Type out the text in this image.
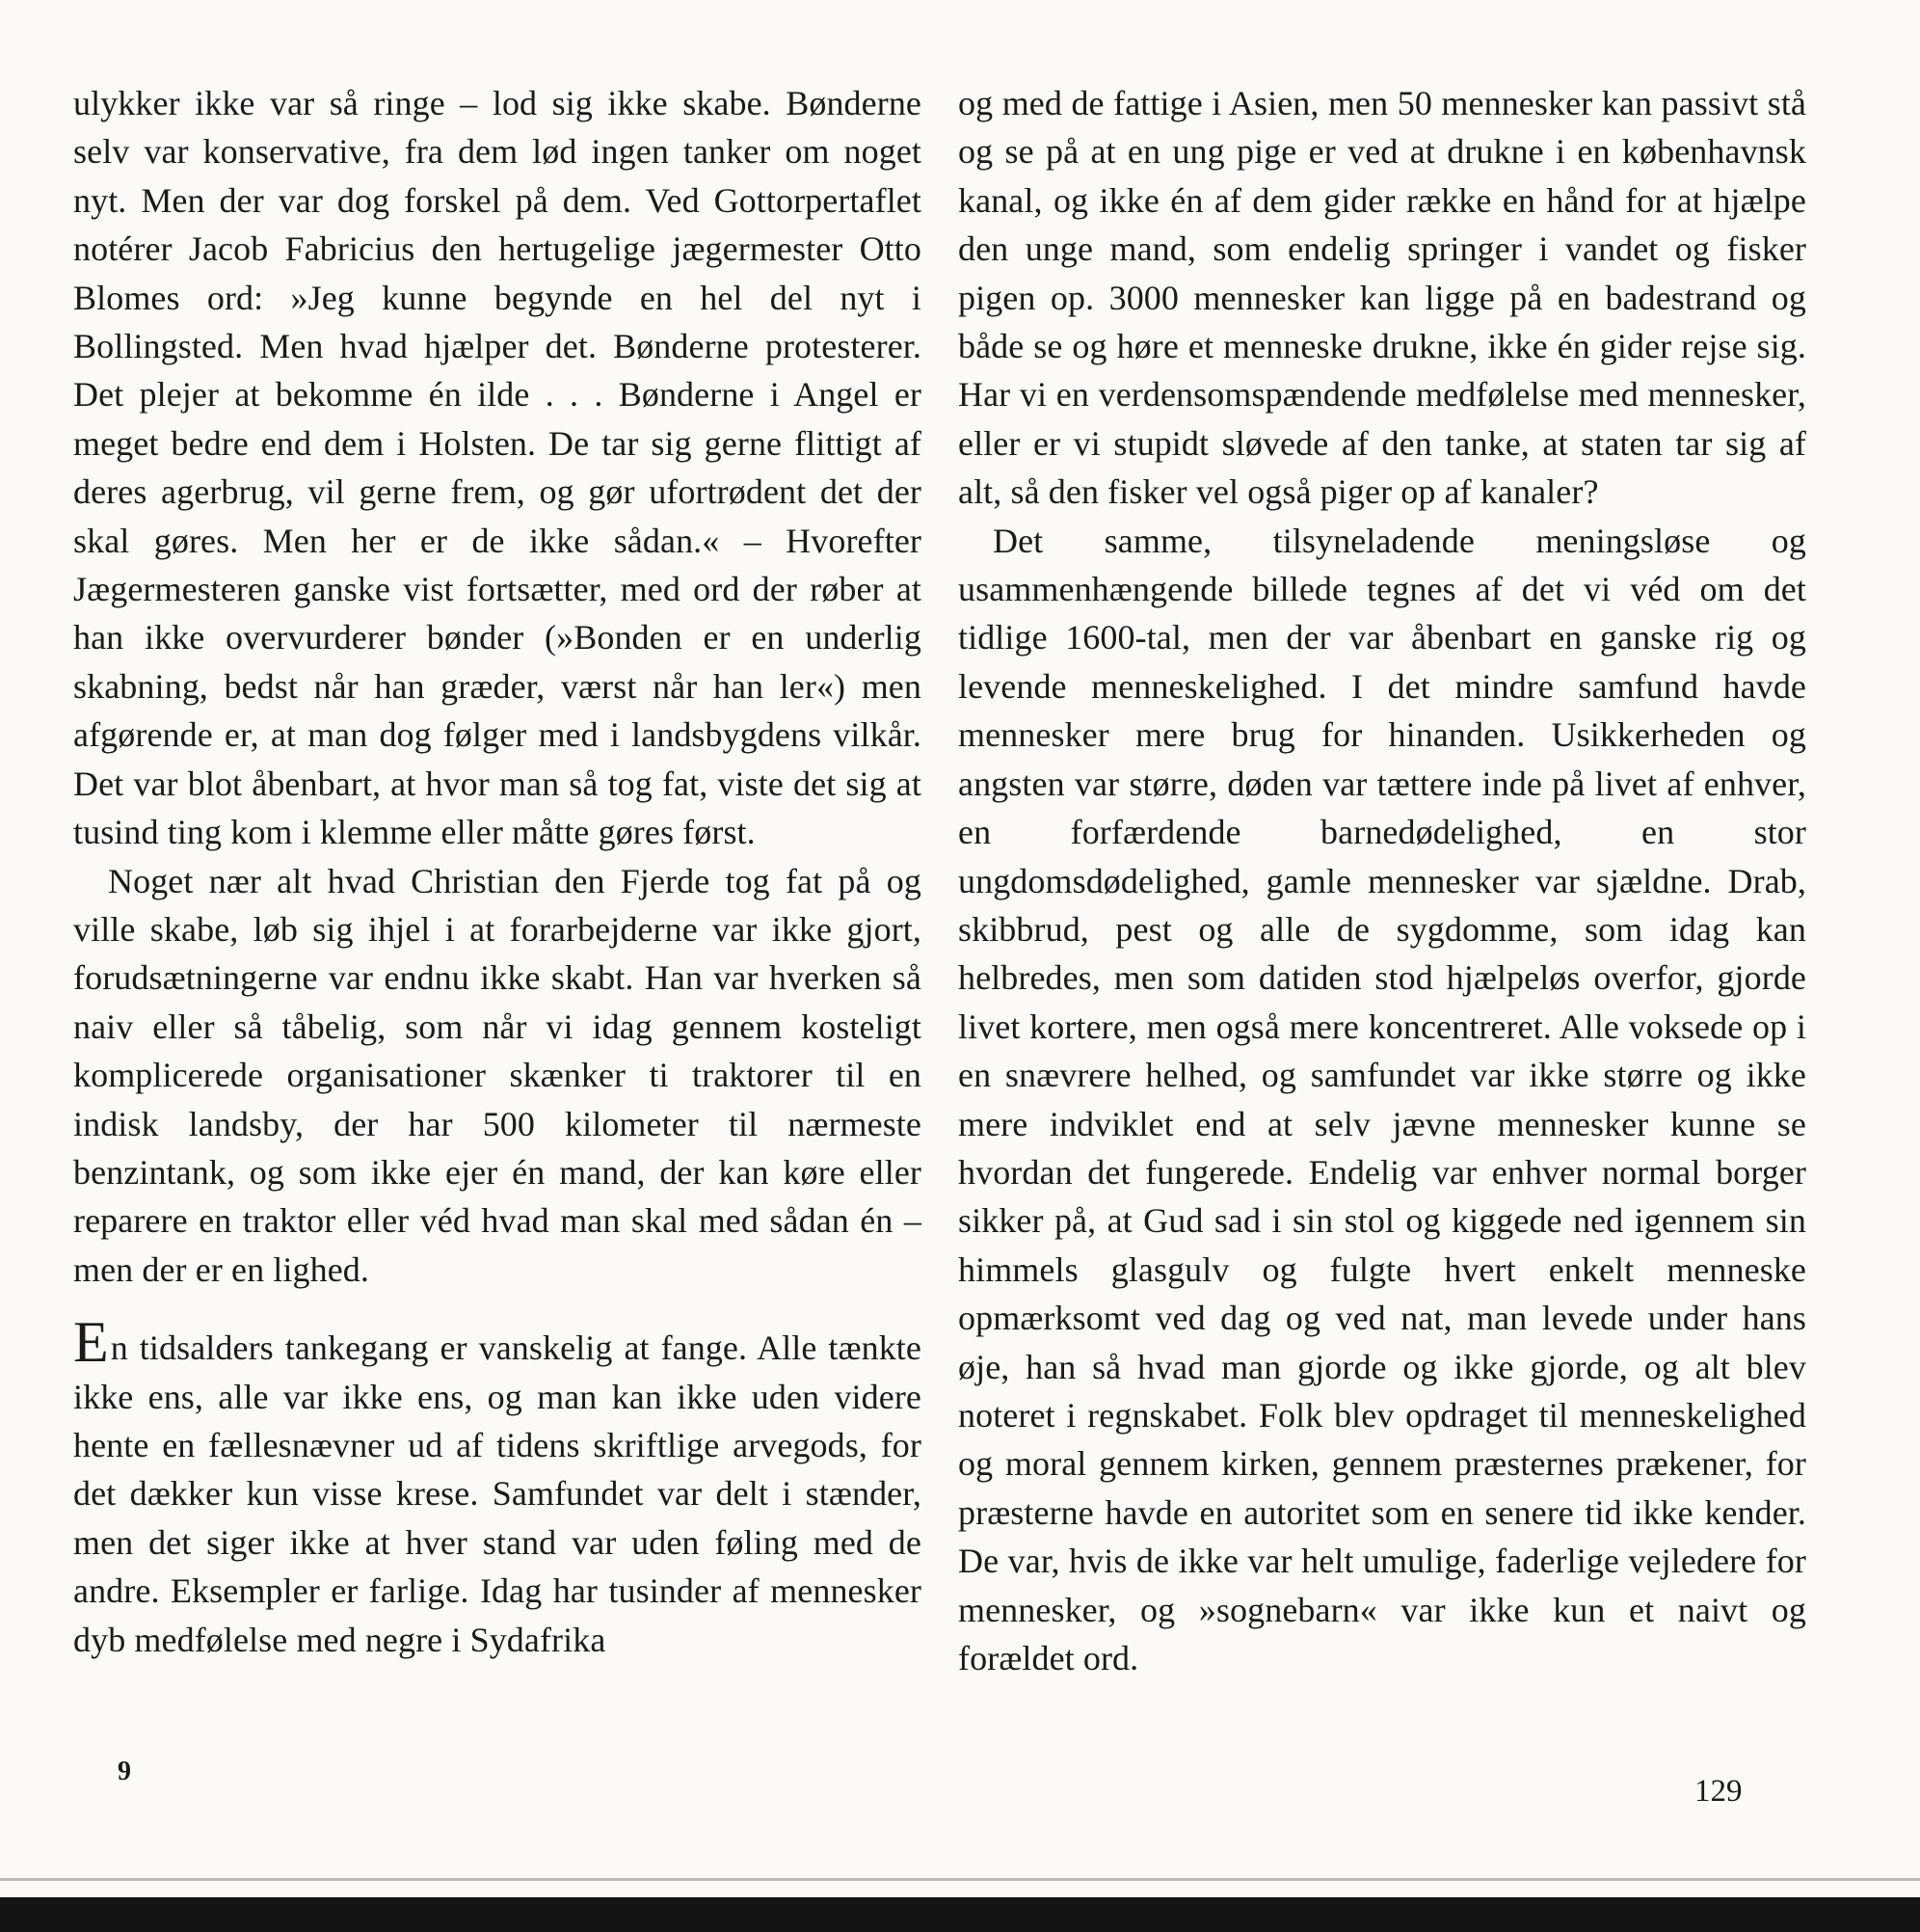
ulykker ikke var så ringe – lod sig ikke skabe. Bønderne selv var konservative, fra dem lød ingen tanker om noget nyt. Men der var dog forskel på dem. Ved Gottorpertaflet notérer Jacob Fabricius den hertugelige jægermester Otto Blomes ord: »Jeg kunne begynde en hel del nyt i Bollingsted. Men hvad hjælper det. Bønderne protesterer. Det plejer at bekomme én ilde . . . Bønderne i Angel er meget bedre end dem i Holsten. De tar sig gerne flittigt af deres agerbrug, vil gerne frem, og gør ufortrødent det der skal gøres. Men her er de ikke sådan.« – Hvorefter Jægermesteren ganske vist fortsætter, med ord der røber at han ikke overvurderer bønder (»Bonden er en underlig skabning, bedst når han græder, værst når han ler«) men afgørende er, at man dog følger med i landsbygdens vilkår. Det var blot åbenbart, at hvor man så tog fat, viste det sig at tusind ting kom i klemme eller måtte gøres først.

Noget nær alt hvad Christian den Fjerde tog fat på og ville skabe, løb sig ihjel i at forarbejderne var ikke gjort, forudsætningerne var endnu ikke skabt. Han var hverken så naiv eller så tåbelig, som når vi idag gennem kosteligt komplicerede organisationer skænker ti traktorer til en indisk landsby, der har 500 kilometer til nærmeste benzintank, og som ikke ejer én mand, der kan køre eller reparere en traktor eller véd hvad man skal med sådan én – men der er en lighed.

En tidsalders tankegang er vanskelig at fange. Alle tænkte ikke ens, alle var ikke ens, og man kan ikke uden videre hente en fællesnævner ud af tidens skriftlige arvegods, for det dækker kun visse krese. Samfundet var delt i stænder, men det siger ikke at hver stand var uden føling med de andre. Eksempler er farlige. Idag har tusinder af mennesker dyb medfølelse med negre i Sydafrika

og med de fattige i Asien, men 50 mennesker kan passivt stå og se på at en ung pige er ved at drukne i en københavnsk kanal, og ikke én af dem gider række en hånd for at hjælpe den unge mand, som endelig springer i vandet og fisker pigen op. 3000 mennesker kan ligge på en badestrand og både se og høre et menneske drukne, ikke én gider rejse sig. Har vi en verdensomspændende medfølelse med mennesker, eller er vi stupidt sløvede af den tanke, at staten tar sig af alt, så den fisker vel også piger op af kanaler?

Det samme, tilsyneladende meningsløse og usammenhængende billede tegnes af det vi véd om det tidlige 1600-tal, men der var åbenbart en ganske rig og levende menneskelighed. I det mindre samfund havde mennesker mere brug for hinanden. Usikkerheden og angsten var større, døden var tættere inde på livet af enhver, en forfærdende barnedødelighed, en stor ungdomsdødelighed, gamle mennesker var sjældne. Drab, skibbrud, pest og alle de sygdomme, som idag kan helbredes, men som datiden stod hjælpeløs overfor, gjorde livet kortere, men også mere koncentreret. Alle voksede op i en snævrere helhed, og samfundet var ikke større og ikke mere indviklet end at selv jævne mennesker kunne se hvordan det fungerede. Endelig var enhver normal borger sikker på, at Gud sad i sin stol og kiggede ned igennem sin himmels glasgulv og fulgte hvert enkelt menneske opmærksomt ved dag og ved nat, man levede under hans øje, han så hvad man gjorde og ikke gjorde, og alt blev noteret i regnskabet. Folk blev opdraget til menneskelighed og moral gennem kirken, gennem præsternes prækener, for præsterne havde en autoritet som en senere tid ikke kender. De var, hvis de ikke var helt umulige, faderlige vejledere for mennesker, og »sognebarn« var ikke kun et naivt og forældet ord.

9
129
